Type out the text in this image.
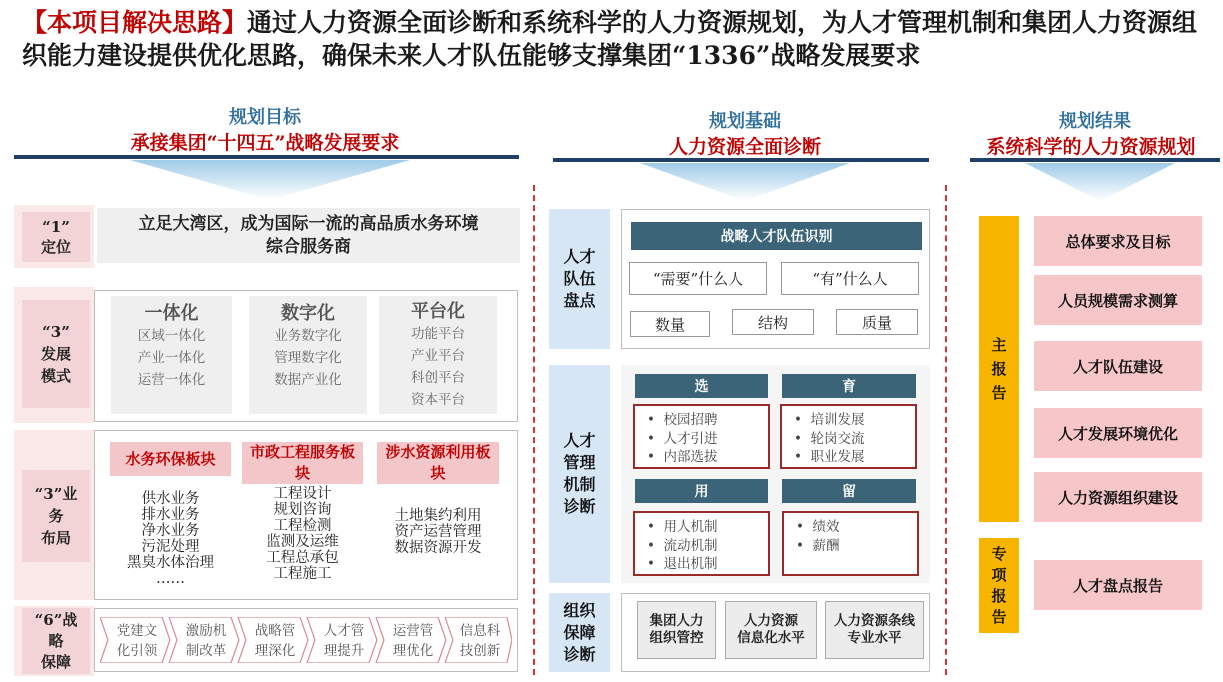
【本项目解决思路】通过人力资源全面诊断和系统科学的人力资源规划，为人才管理机制和集团人力资源组织能力建设提供优化思路，确保未来人才队伍能够支撑集团“1336”战略发展要求
规划目标
承接集团“十四五”战略发展要求
规划基础
人力资源全面诊断
规划结果
系统科学的人力资源规划
“1”
定位
立足大湾区，成为国际一流的高品质水务环境
综合服务商
“3”
发展
模式
一体化
区域一体化
产业一体化
运营一体化
数字化
业务数字化
管理数字化
数据产业化
平台化
功能平台
产业平台
科创平台
资本平台
“3”业
务
布局
水务环保板块
供水业务
排水业务
净水业务
污泥处理
黑臭水体治理
……
市政工程服务板块
工程设计
规划咨询
工程检测
监测及运维
工程总承包
工程施工
涉水资源利用板块
土地集约利用
资产运营管理
数据资源开发
“6”战
略
保障
党建文
化引领
激励机
制改革
战略管
理深化
人才管
理提升
运营管
理优化
信息科
技创新
人才
队伍
盘点
战略人才队伍识别
“需要”什么人	“有”什么人
数量	结构	质量
人才
管理
机制
诊断
选
•  校园招聘
•  人才引进
•  内部选拔
育
•  培训发展
•  轮岗交流
•  职业发展
用
•  用人机制
•  流动机制
•  退出机制
留
•  绩效
•  薪酬
组织
保障
诊断
集团人力
组织管控
人力资源
信息化水平
人力资源条线
专业水平
主
报
告
总体要求及目标
人员规模需求测算
人才队伍建设
人才发展环境优化
人力资源组织建设
专
项
报
告
人才盘点报告
